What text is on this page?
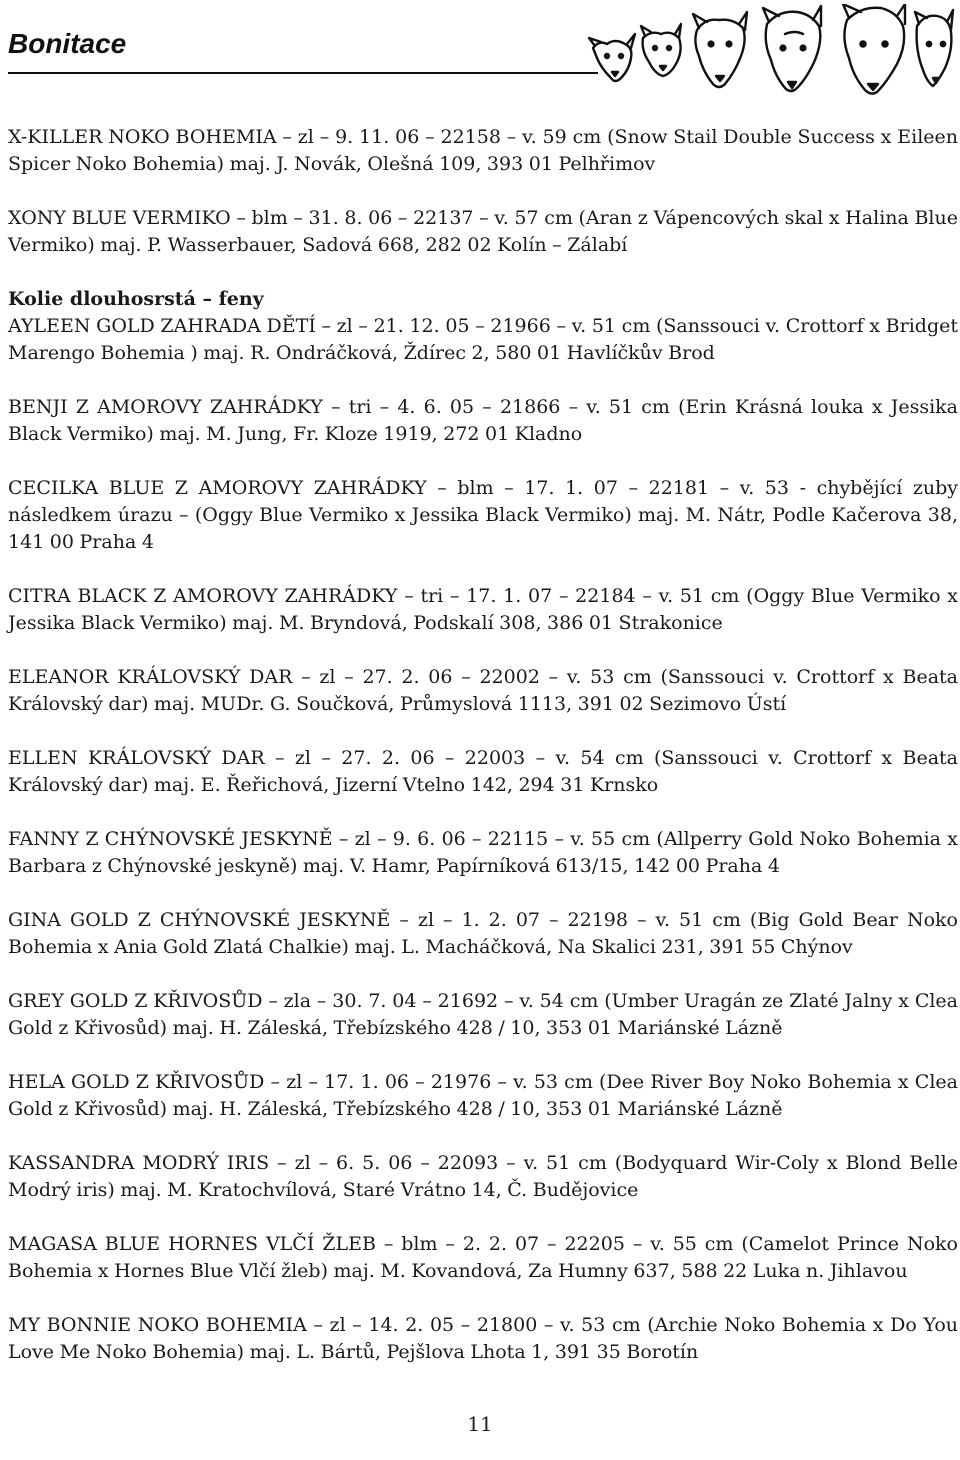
Bonitace

X-KILLER NOKO BOHEMIA – zl – 9. 11. 06 – 22158 – v. 59 cm (Snow Stail Double Success x Eileen Spicer Noko Bohemia) maj. J. Novák, Olešná 109, 393 01 Pelhřimov

XONY BLUE VERMIKO – blm – 31. 8. 06 – 22137 – v. 57 cm (Aran z Vápencových skal x Halina Blue Vermiko) maj. P. Wasserbauer, Sadová 668, 282 02 Kolín – Zálabí

Kolie dlouhosrstá – feny

AYLEEN GOLD ZAHRADA DĚTÍ – zl – 21. 12. 05 – 21966 – v. 51 cm (Sanssouci v. Crottorf x Bridget Marengo Bohemia ) maj. R. Ondráčková, Ždírec 2, 580 01 Havlíčkův Brod

BENJI Z AMOROVY ZAHRÁDKY – tri – 4. 6. 05 – 21866 – v. 51 cm (Erin Krásná louka x Jessika Black Vermiko) maj. M. Jung, Fr. Kloze 1919, 272 01 Kladno

CECILKA BLUE Z AMOROVY ZAHRÁDKY – blm – 17. 1. 07 – 22181 – v. 53 - chybějící zuby následkem úrazu – (Oggy Blue Vermiko x Jessika Black Vermiko) maj. M. Nátr, Podle Kačerova 38, 141 00 Praha 4

CITRA BLACK Z AMOROVY ZAHRÁDKY – tri – 17. 1. 07 – 22184 – v. 51 cm (Oggy Blue Vermiko x Jessika Black Vermiko) maj. M. Bryndová, Podskalí 308, 386 01 Strakonice

ELEANOR KRÁLOVSKÝ DAR – zl – 27. 2. 06 – 22002 – v. 53 cm (Sanssouci v. Crottorf x Beata Královský dar) maj. MUDr. G. Součková, Průmyslová 1113, 391 02 Sezimovo Ústí

ELLEN KRÁLOVSKÝ DAR – zl – 27. 2. 06 – 22003 – v. 54 cm (Sanssouci v. Crottorf x Beata Královský dar) maj. E. Řeřichová, Jizerní Vtelno 142, 294 31 Krnsko

FANNY Z CHÝNOVSKÉ JESKYNĚ – zl – 9. 6. 06 – 22115 – v. 55 cm (Allperry Gold Noko Bohemia x Barbara z Chýnovské jeskyně) maj. V. Hamr, Papírníková 613/15, 142 00 Praha 4

GINA GOLD Z CHÝNOVSKÉ JESKYNĚ – zl – 1. 2. 07 – 22198 – v. 51 cm (Big Gold Bear Noko Bohemia x Ania Gold Zlatá Chalkie) maj. L. Macháčková, Na Skalici 231, 391 55 Chýnov

GREY GOLD Z KŘIVOSŮD – zla – 30. 7. 04 – 21692 – v. 54 cm (Umber Uragán ze Zlaté Jalny x Clea Gold z Křivosůd) maj. H. Záleská, Třebízského 428 / 10, 353 01 Mariánské Lázně

HELA GOLD Z KŘIVOSŮD – zl – 17. 1. 06 – 21976 – v. 53 cm (Dee River Boy Noko Bohemia x Clea Gold z Křivosůd) maj. H. Záleská, Třebízského 428 / 10, 353 01 Mariánské Lázně

KASSANDRA MODRÝ IRIS – zl – 6. 5. 06 – 22093 – v. 51 cm (Bodyquard Wir-Coly x Blond Belle Modrý iris) maj. M. Kratochvílová, Staré Vrátno 14, Č. Budějovice

MAGASA BLUE HORNES VLČÍ ŽLEB – blm – 2. 2. 07 – 22205 – v. 55 cm (Camelot Prince Noko Bohemia x Hornes Blue Vlčí žleb) maj. M. Kovandová, Za Humny 637, 588 22 Luka n. Jihlavou

MY BONNIE NOKO BOHEMIA – zl – 14. 2. 05 – 21800 – v. 53 cm (Archie Noko Bohemia x Do You Love Me Noko Bohemia) maj. L. Bártů, Pejšlova Lhota 1, 391 35 Borotín

11
